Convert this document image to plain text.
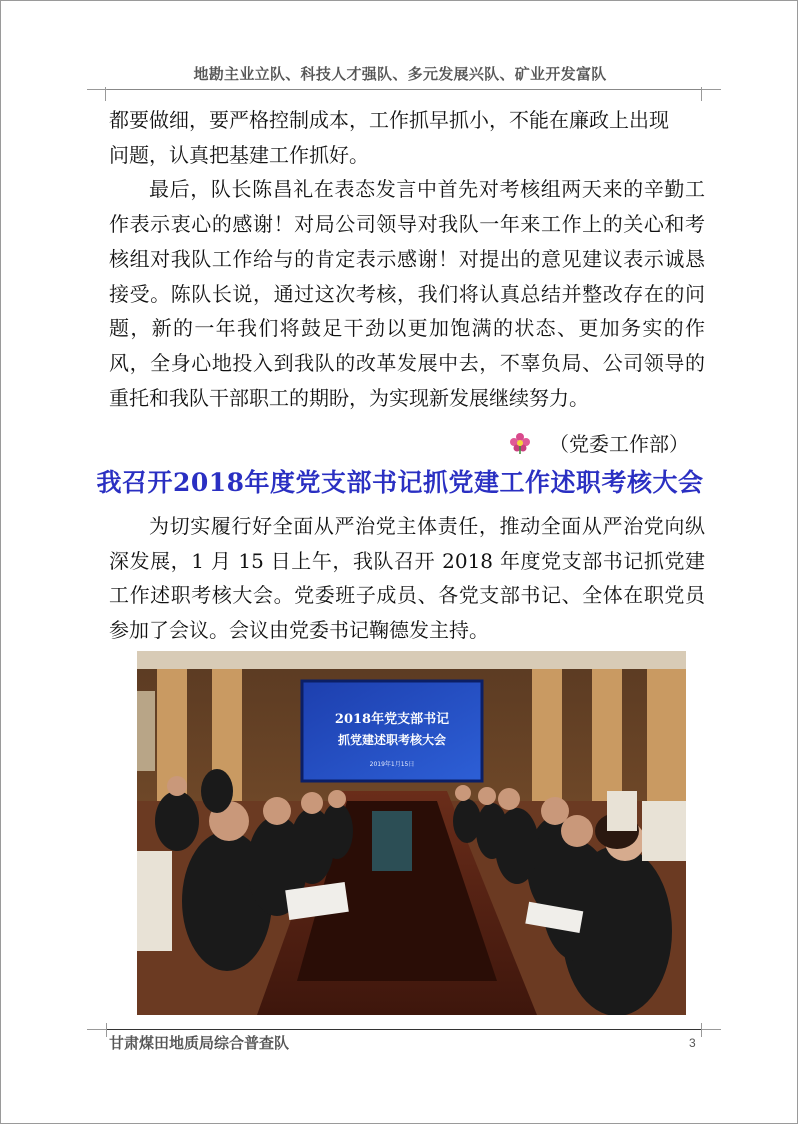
地勘主业立队、科技人才强队、多元发展兴队、矿业开发富队

都要做细，要严格控制成本，工作抓早抓小，不能在廉政上出现

问题，认真把基建工作抓好。

最后，队长陈昌礼在表态发言中首先对考核组两天来的辛勤工作表示衷心的感谢！对局公司领导对我队一年来工作上的关心和考核组对我队工作给与的肯定表示感谢！对提出的意见建议表示诚恳接受。陈队长说，通过这次考核，我们将认真总结并整改存在的问题，新的一年我们将鼓足干劲以更加饱满的状态、更加务实的作风，全身心地投入到我队的改革发展中去，不辜负局、公司领导的重托和我队干部职工的期盼，为实现新发展继续努力。

（党委工作部）
我召开2018年度党支部书记抓党建工作述职考核大会

为切实履行好全面从严治党主体责任，推动全面从严治党向纵深发展，1 月 15 日上午，我队召开 2018 年度党支部书记抓党建工作述职考核大会。党委班子成员、各党支部书记、全体在职党员参加了会议。会议由党委书记鞠德发主持。

2018年党支部书记
抓党建述职考核大会
2019年1月15日
甘肃煤田地质局综合普查队	3
